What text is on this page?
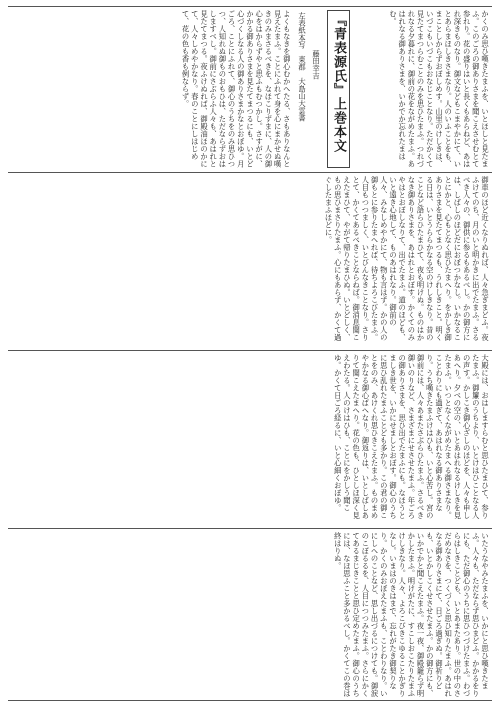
かくのみ思ひ嘆きたまふを、いとほしと見たまふ。このごろの御ありさまを聞こえさせむとて参れり。花の盛りはいと長くもあらねど、あはれ深きものなり。御文などもこまやかにて、いとあらまほしきさまなり。人のいふことをも、まことしからずおぼしめす。山里のけしきは、いづこもいづこもおなじことなり。ただかくて見たてまつらむことのみを思ひたまふ。つれづれなる夕暮れに、御前の花をながめたまふ。あはれなる御ありさまを、いかでか忘れたまはむ。
『青表源氏』上巻本文
藤田幸吉
左表紙本写　東郡　大島山大雲書
よくもなきを御心むかへたる、さもありなんと見えたまふ。ことにふれて身を心にまかせぬ嘆きのみまさるべきを、なほこりずまに、人の御心をはからずやと思ふもむつかし。さすがに、かかる御ありさまを見たてまつるにも、いとど心づくしなる人の御ありさまかなとおぼゆ。月ごろ、ことにふれて、御心のうちをのみ思ひつつ、人知れぬ御ものおもひは、ただならずおはしますべし。御前にさぶらふ人々も、あはれと見たてまつる。夜ふけぬれば、御殿油ほのかにて、人々しめやかなり。春のことにしはじめて、花の色も香も例ならず。
御車のほど近くなりぬれば、人々急ぎまどふ。夜ふけてのち、月のいと明かきに出でたまふ。さるべき人々の、御供に参るもあるべし。かの御方には、しばしのほどだにおぼつかなし。いかなることにかと、心もとなく思ひたまへり。をかしき御ありさまを見たてまつるも、うれしきこと。明くる日は、いとうららかなる空のけしきなり。昔のことなど語らひたまひて、夜も明けぬ。ものはかなき御ありさまを、あはれとおぼす。かくてのみやはとおぼしなりて、出でたまふ。道のほども、いと遠き心地して、ものあはれなり。御前の人々、みなしめやかにて、物も言はず。かの人の御もとに参りたまへれば、待ちよろこびたまふ。人目もつつましく、いとびんなきことなり。さりとて、かくてあるべきことならねば。御消息聞こえたまひて、やがて帰りたまひぬ。いとどしく、もの思ひまさりたまふ。心にもあらず、かくて過ぐしたまふほどに。
大殿には、おはしますらむと思ひたまひて、参りたまふ。御簾のうちより、いとけはひことなる人の声す。かしこき御心ざしのほどを、人々も申しあへり。夕べの空の、いとあはれなるけしきを見たまふ。いつとなくながめたまへる御さまなり。ことわりにも過ぎて、あはれなる御ありさまなり。うち嘆きたまふけはひも、いと心苦し。宮の御前には、人々あまたさぶらひたまふ。さるべき御いのりなど、さまざまにせさせたまふ。年ごろの御ありさまを、思ひ出でたまふにも。なほうとましき世を、いかにせましとおぼす。御心のうちに思ひ乱れたまふことども多かり。この君の御ことをのみ、あけくれ思ひきこえたまふ。ものまめやかなる御心ばへなり。御返りは、いとしばしありて聞こえたまへり。花の色も、ひとしほ深く見えわたる。人のけはひも、ことにをかしう聞こゆ。かくて日ごろ経るに、いと心細くおぼゆ。
いたうなやみたまふを、いかにと思ひ嘆きたまふ。人々も、ただならず思ひまどふ。かかるをりにも、ただ御心のうちに思ひつづけたまふ。わづらはしきことども、いとあまたあり。世の中のさだめなさを、つくづくと思ひ知りたまふ。あはれなる御ありさまにて、日ごろ過ぎぬ。御祈りども、いとかしこくせさせたまふ。かの御方にも、いかでかと聞こえたまふ。夜一夜、御殿籠らず明かしたまふ。明けがたに、すこしおこたりたまふけしきなり。人々、よろこびきこゆることかぎりなし。いまはのきはまで、忘れがたき御契りなり。かくのみおぼえたまふも、ことわりなり。いにしへのことなど、思し出づるにつけても。御涙のこぼるるを、人目につつみたまふ。さらにかくてあるまじきことと思ひ定めたまふ。御心のうちには、なほ思ふこと多かるべし。かくてこの巻は終はりぬ。
